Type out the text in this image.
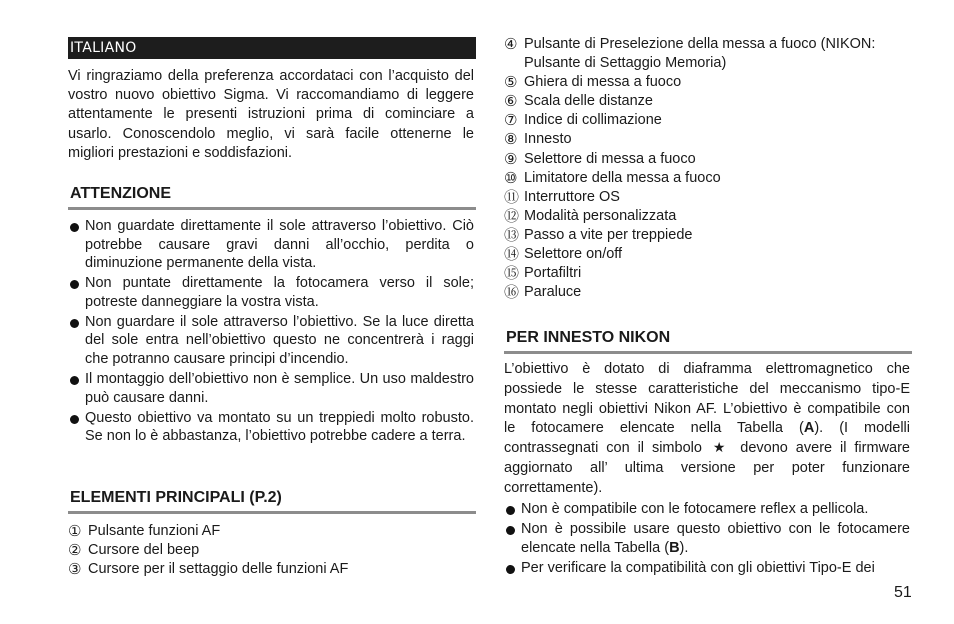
ITALIANO

Vi ringraziamo della preferenza accordataci con l’acquisto del vostro nuovo obiettivo Sigma. Vi raccomandiamo di leggere attentamente le presenti istruzioni prima di cominciare a usarlo. Conoscendolo meglio, vi sarà facile ottenerne le migliori prestazioni e soddisfazioni.

ATTENZIONE
Non guardate direttamente il sole attraverso l’obiettivo. Ciò potrebbe causare gravi danni all’occhio, perdita o diminuzione permanente della vista.
Non puntate direttamente la fotocamera verso il sole; potreste danneggiare la vostra vista.
Non guardare il sole attraverso l’obiettivo. Se la luce diretta del sole entra nell’obiettivo questo ne concentrerà i raggi che potranno causare principi d’incendio.
Il montaggio dell’obiettivo non è semplice. Un uso maldestro può causare danni.
Questo obiettivo va montato su un treppiedi molto robusto. Se non lo è abbastanza, l’obiettivo potrebbe cadere a terra.
ELEMENTI PRINCIPALI (P.2)
① Pulsante funzioni AF
② Cursore del beep
③ Cursore per il settaggio delle funzioni AF
④ Pulsante di Preselezione della messa a fuoco (NIKON: Pulsante di Settaggio Memoria)
⑤ Ghiera di messa a fuoco
⑥ Scala delle distanze
⑦ Indice di collimazione
⑧ Innesto
⑨ Selettore di messa a fuoco
⑩ Limitatore della messa a fuoco
⑪ Interruttore OS
⑫ Modalità personalizzata
⑬ Passo a vite per treppiede
⑭ Selettore on/off
⑮ Portafiltri
⑯ Paraluce
PER INNESTO NIKON

L’obiettivo è dotato di diaframma elettromagnetico che possiede le stesse caratteristiche del meccanismo tipo-E montato negli obiettivi Nikon AF. L’obiettivo è compatibile con le fotocamere elencate nella Tabella (A). (I modelli contrassegnati con il simbolo ★ devono avere il firmware aggiornato all’ ultima versione per poter funzionare correttamente).

Non è compatibile con le fotocamere reflex a pellicola.
Non è possibile usare questo obiettivo con le fotocamere elencate nella Tabella (B).
Per verificare la compatibilità con gli obiettivi Tipo-E dei
51
